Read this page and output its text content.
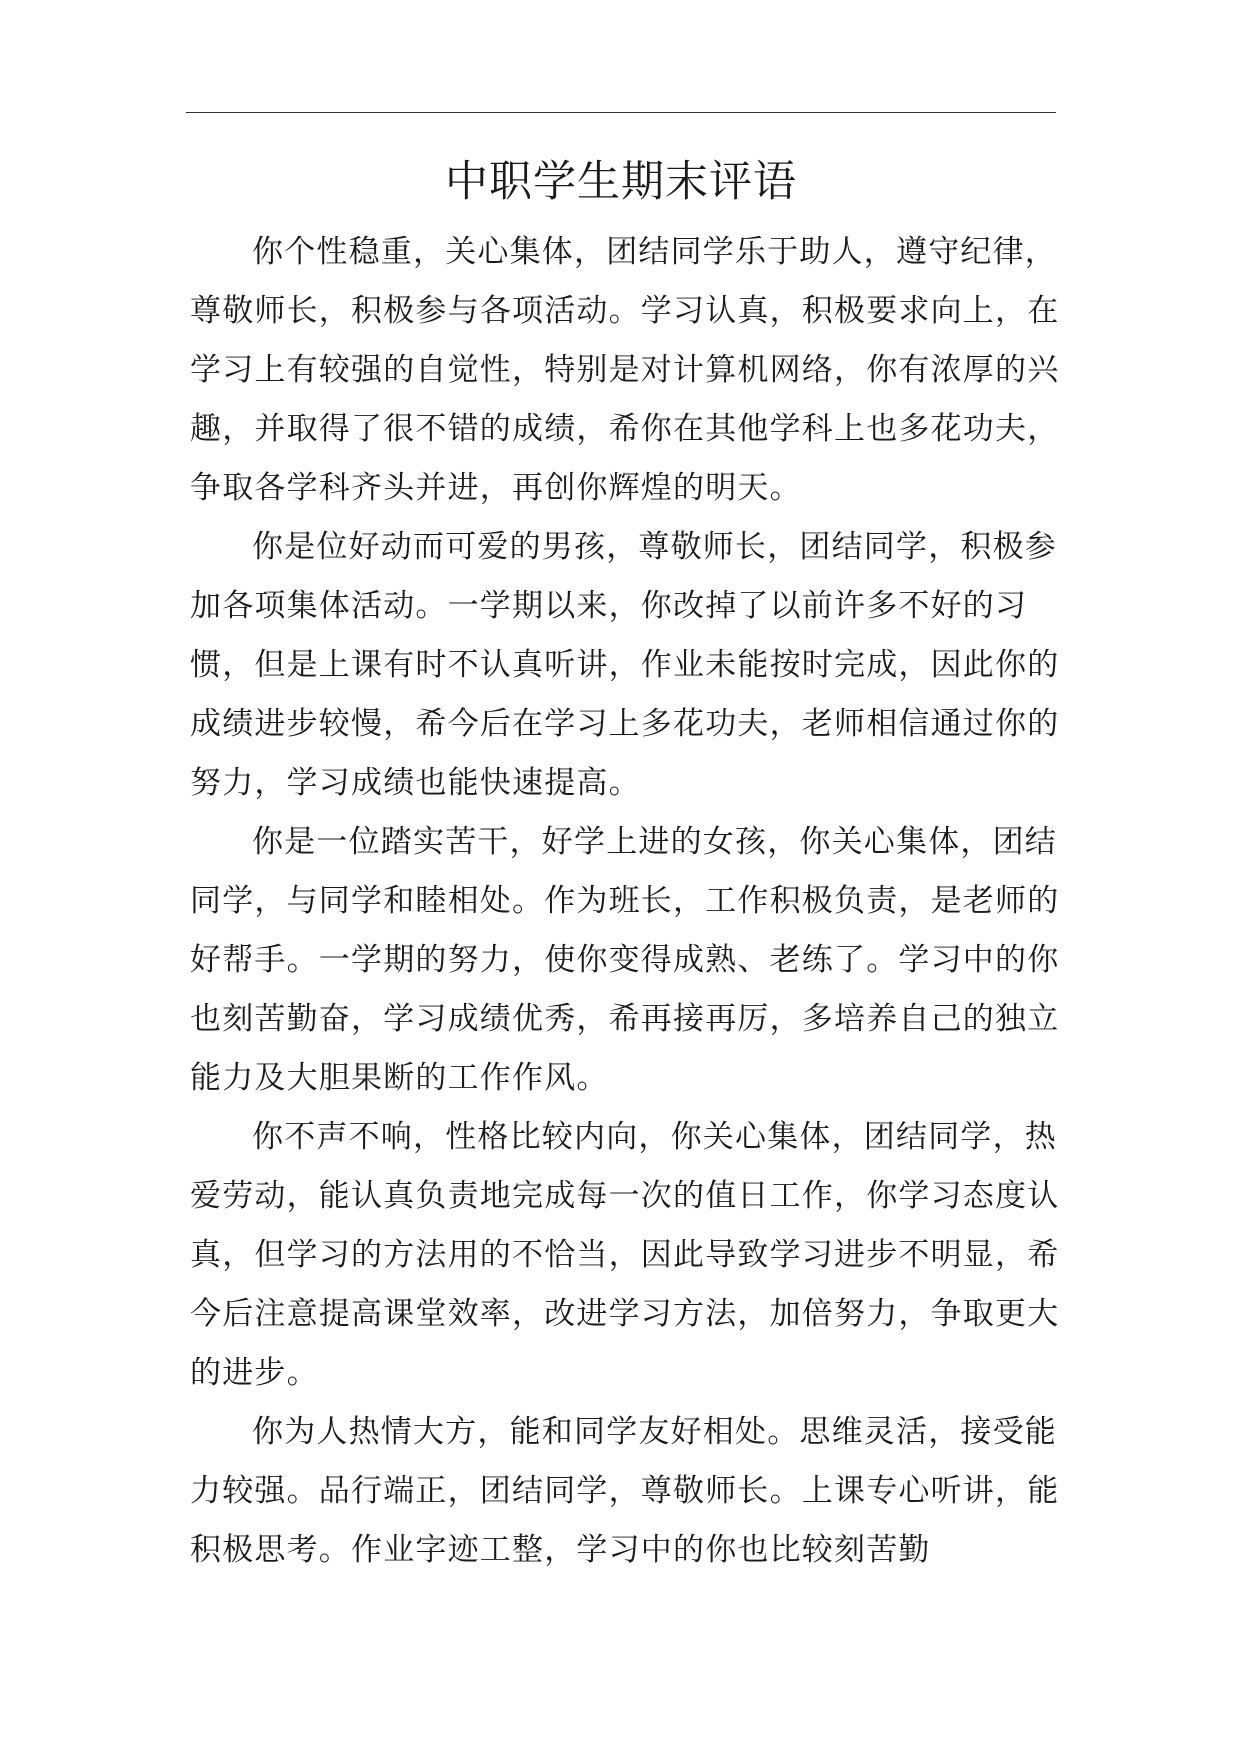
中职学生期末评语

你个性稳重，关心集体，团结同学乐于助人，遵守纪律，尊敬师长，积极参与各项活动。学习认真，积极要求向上，在学习上有较强的自觉性，特别是对计算机网络，你有浓厚的兴趣，并取得了很不错的成绩，希你在其他学科上也多花功夫，争取各学科齐头并进，再创你辉煌的明天。

你是位好动而可爱的男孩，尊敬师长，团结同学，积极参加各项集体活动。一学期以来，你改掉了以前许多不好的习惯，但是上课有时不认真听讲，作业未能按时完成，因此你的成绩进步较慢，希今后在学习上多花功夫，老师相信通过你的努力，学习成绩也能快速提高。

你是一位踏实苦干，好学上进的女孩，你关心集体，团结同学，与同学和睦相处。作为班长，工作积极负责，是老师的好帮手。一学期的努力，使你变得成熟、老练了。学习中的你也刻苦勤奋，学习成绩优秀，希再接再厉，多培养自己的独立能力及大胆果断的工作作风。

你不声不响，性格比较内向，你关心集体，团结同学，热爱劳动，能认真负责地完成每一次的值日工作，你学习态度认真，但学习的方法用的不恰当，因此导致学习进步不明显，希今后注意提高课堂效率，改进学习方法，加倍努力，争取更大的进步。

你为人热情大方，能和同学友好相处。思维灵活，接受能力较强。品行端正，团结同学，尊敬师长。上课专心听讲，能积极思考。作业字迹工整，学习中的你也比较刻苦勤
